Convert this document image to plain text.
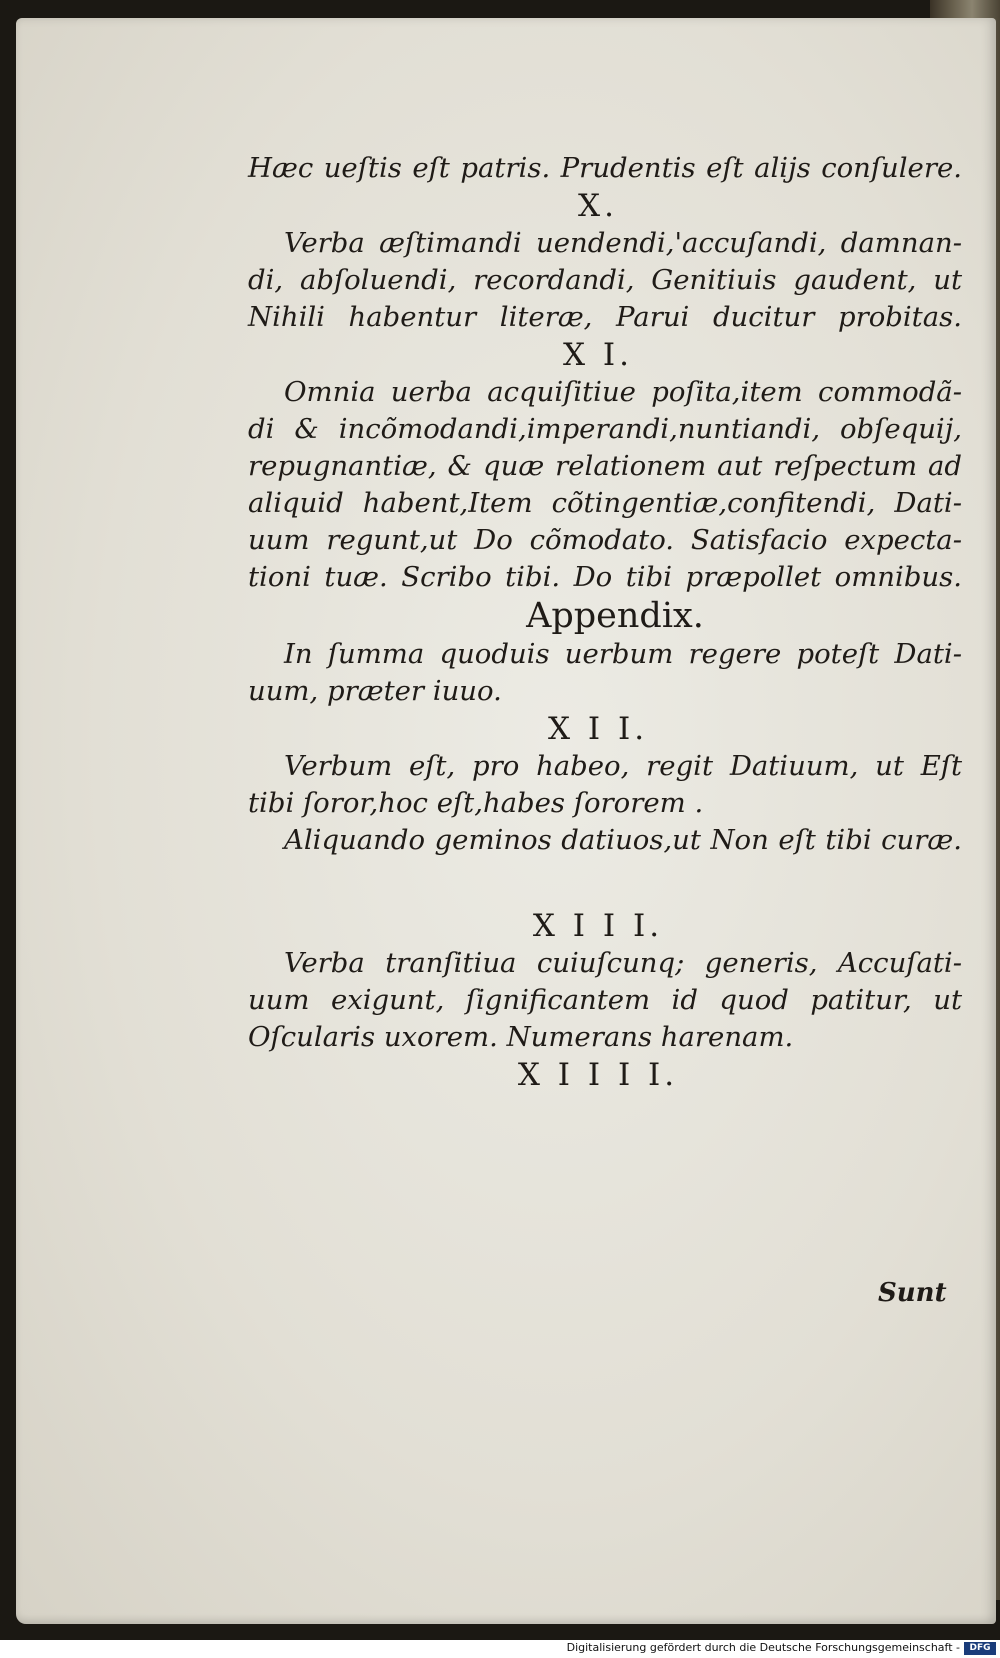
Hæc ueſtis eſt patris. Prudentis eſt alijs conſulere.
X.
Verba æſtimandi uendendi,'accuſandi, damnan-
di, abſoluendi, recordandi, Genitiuis gaudent, ut
Nihili habentur literæ, Parui ducitur probitas.
X I.
Omnia uerba acquiſitiue poſita,item commodã-
di & incõmodandi,imperandi,nuntiandi, obſequij,
repugnantiæ, & quæ relationem aut reſpectum ad
aliquid habent,Item cõtingentiæ,confitendi, Dati-
uum regunt,ut Do cõmodato. Satisfacio expecta-
tioni tuæ. Scribo tibi. Do tibi præpollet omnibus.
Appendix.
In ſumma quoduis uerbum regere poteſt Dati-
uum, præter iuuo.
X I I.
Verbum eſt, pro habeo, regit Datiuum, ut Eſt
tibi ſoror,hoc eſt,habes ſororem .
Aliquando geminos datiuos,ut Non eſt tibi curæ.
X I I I.
Verba tranſitiua cuiuſcunq; generis, Accuſati-
uum exigunt, ſignificantem id quod patitur, ut
Oſcularis uxorem. Numerans harenam.
X I I I I.
Sunt
Digitalisierung gefördert durch die Deutsche Forschungsgemeinschaft -	DFG
